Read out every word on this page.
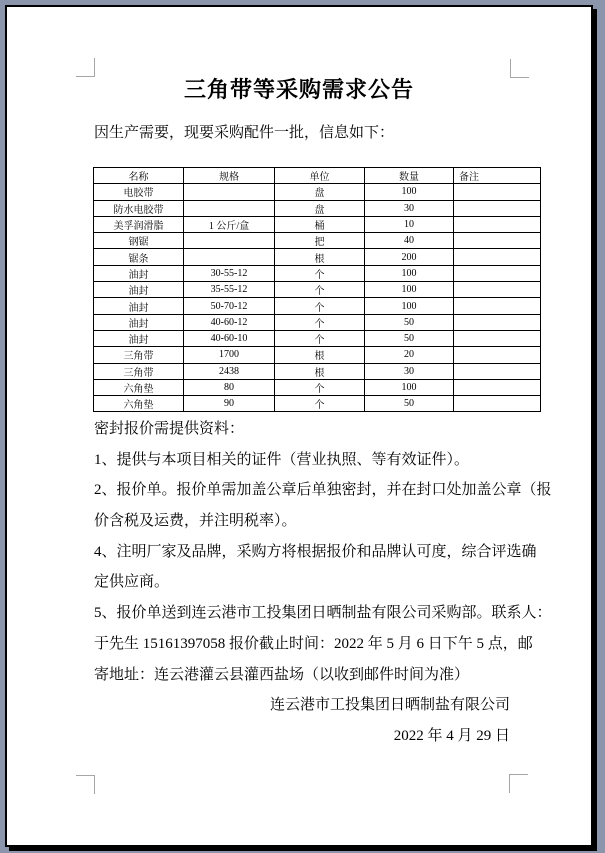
三角带等采购需求公告

因生产需要，现要采购配件一批，信息如下：

名称	规格	单位	数量	备注
电胶带		盘	100	
防水电胶带		盘	30	
美孚润滑脂	1 公斤/盒	桶	10	
钢锯		把	40	
锯条		根	200	
油封	30-55-12	个	100	
油封	35-55-12	个	100	
油封	50-70-12	个	100	
油封	40-60-12	个	50	
油封	40-60-10	个	50	
三角带	1700	根	20	
三角带	2438	根	30	
六角垫	80	个	100	
六角垫	90	个	50	
密封报价需提供资料：
1、提供与本项目相关的证件（营业执照、等有效证件）。
2、报价单。报价单需加盖公章后单独密封，并在封口处加盖公章（报
价含税及运费，并注明税率）。
4、注明厂家及品牌，采购方将根据报价和品牌认可度，综合评选确
定供应商。
5、报价单送到连云港市工投集团日晒制盐有限公司采购部。联系人：
于先生 15161397058 报价截止时间：2022 年 5 月 6 日下午 5 点，邮
寄地址：连云港灌云县灌西盐场（以收到邮件时间为准）
连云港市工投集团日晒制盐有限公司
2022 年 4 月 29 日
